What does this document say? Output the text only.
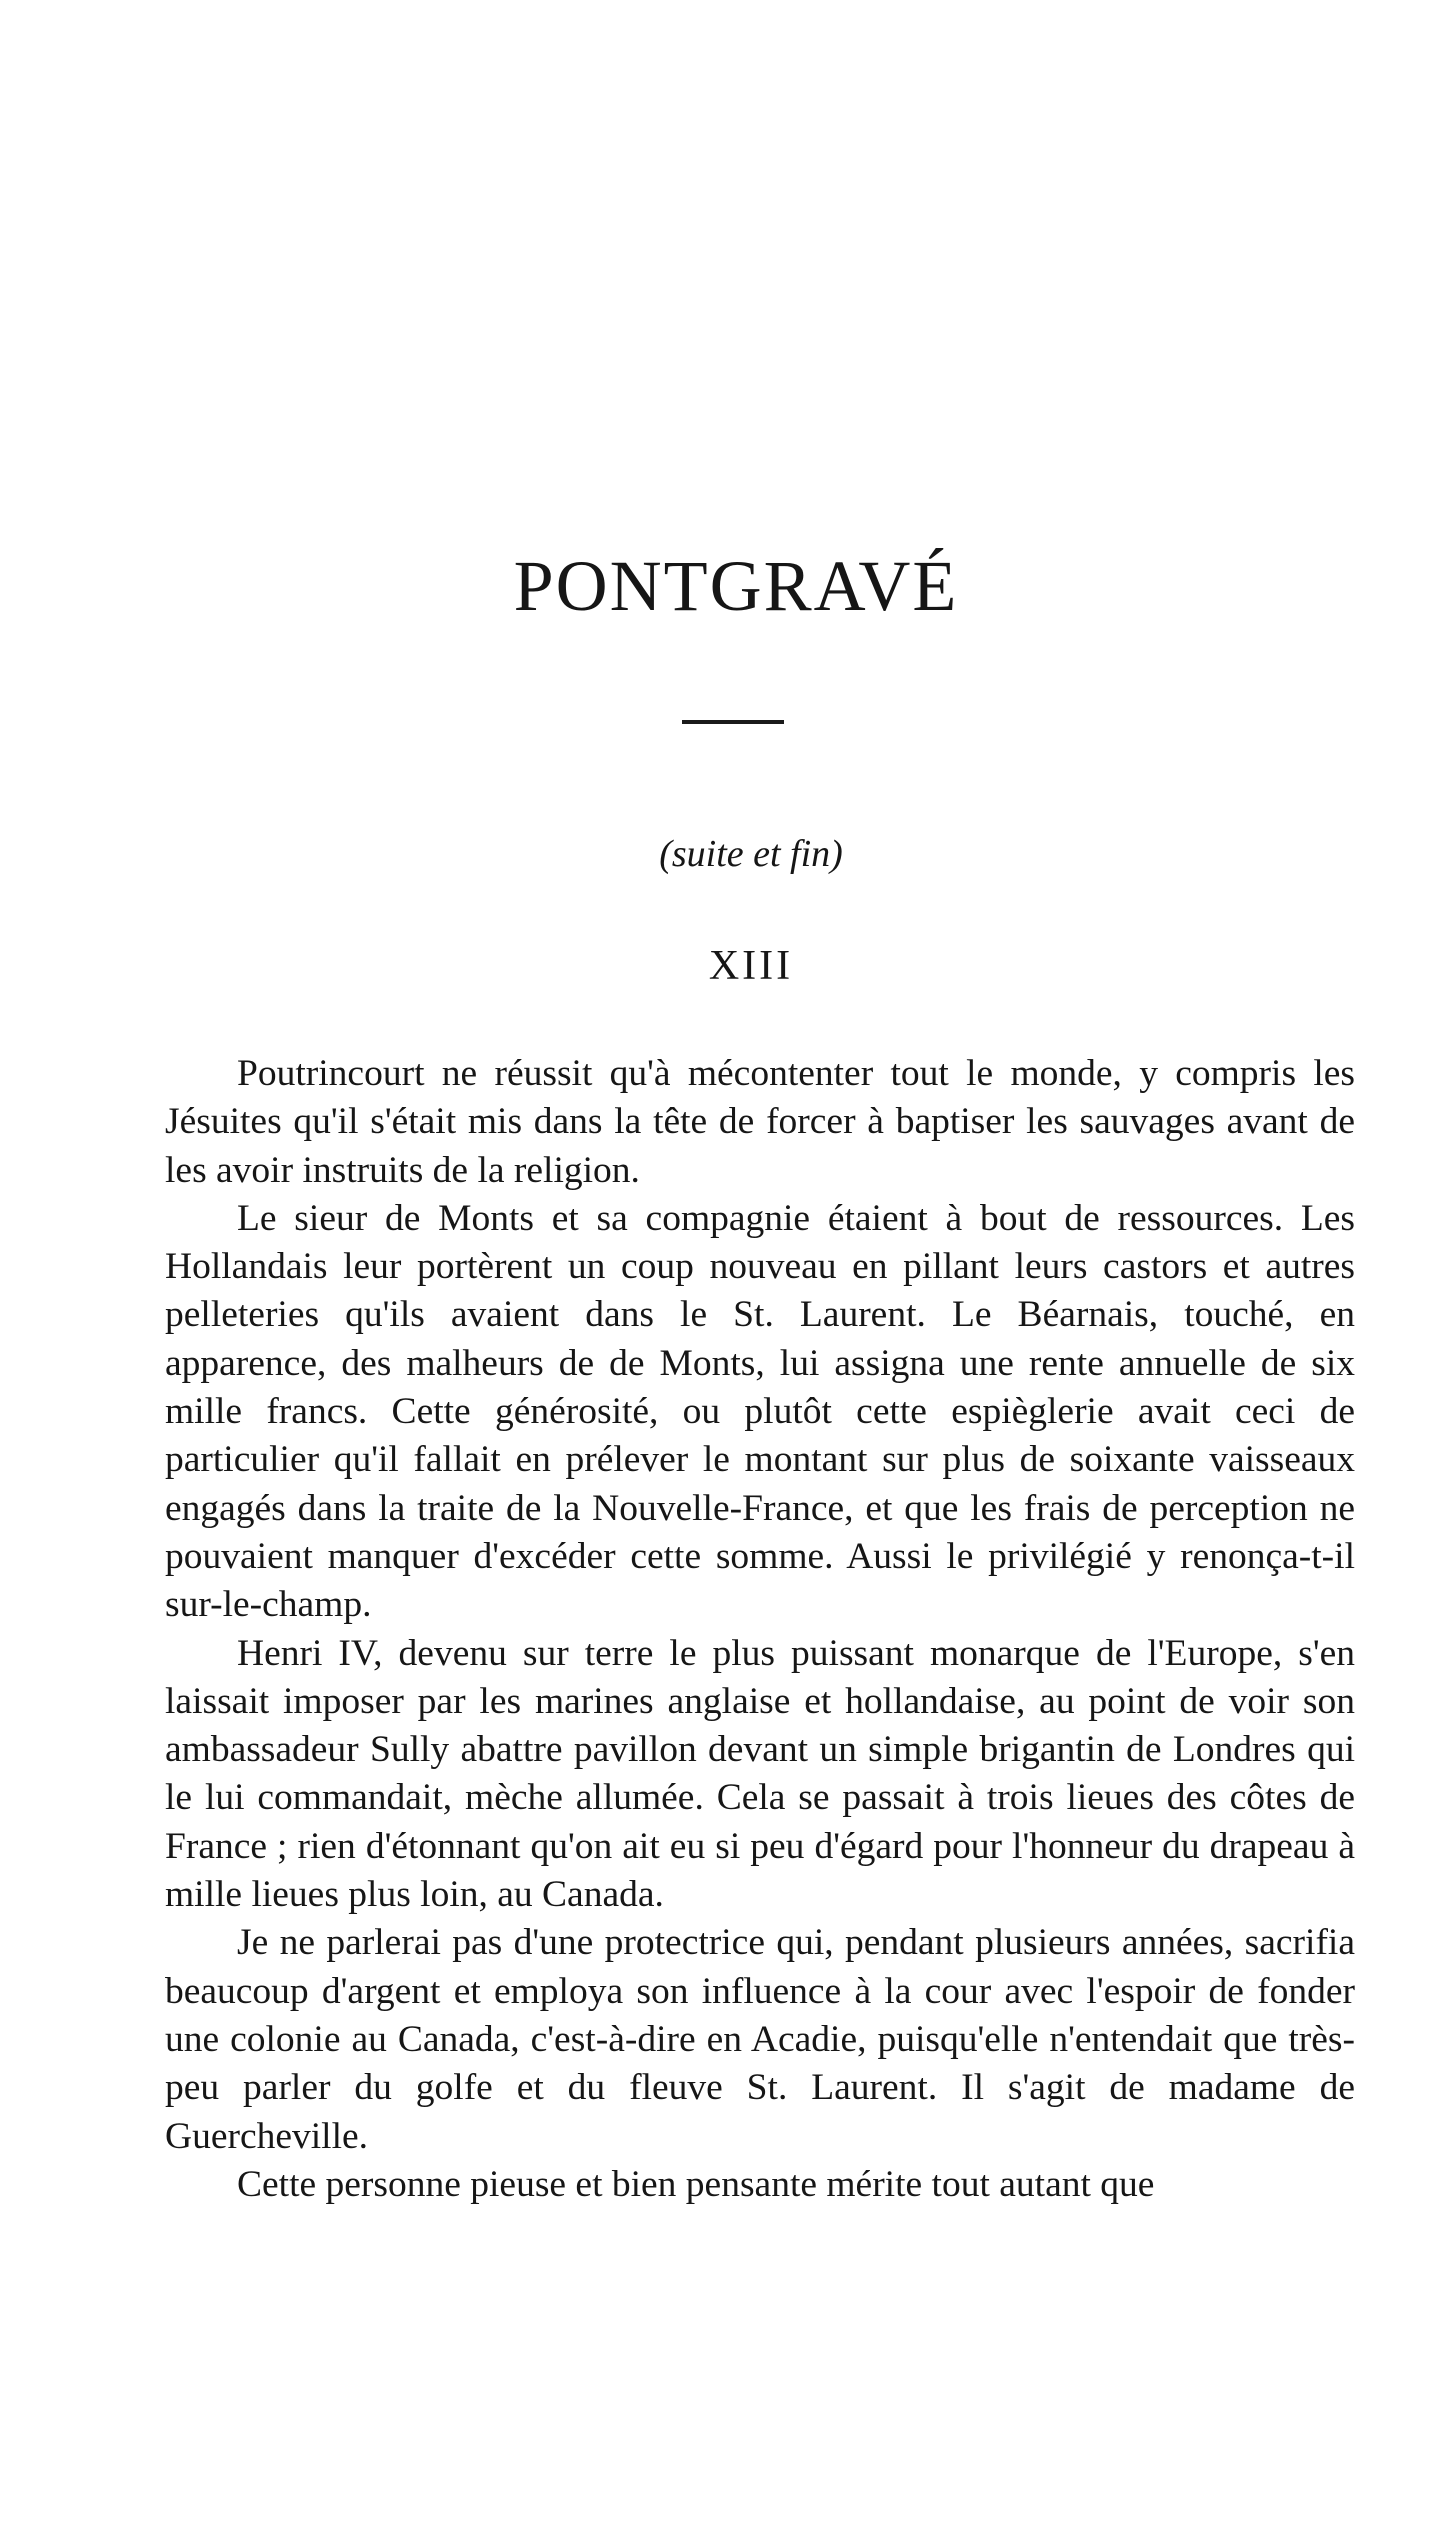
PONTGRAVÉ
(suite et fin)
XIII

Poutrincourt ne réussit qu'à mécontenter tout le monde, y compris les Jésuites qu'il s'était mis dans la tête de forcer à baptiser les sauvages avant de les avoir instruits de la religion.

Le sieur de Monts et sa compagnie étaient à bout de ressources. Les Hollandais leur portèrent un coup nouveau en pillant leurs castors et autres pelleteries qu'ils avaient dans le St. Laurent. Le Béarnais, touché, en apparence, des malheurs de de Monts, lui assigna une rente annuelle de six mille francs. Cette générosité, ou plutôt cette espièglerie avait ceci de particulier qu'il fallait en prélever le montant sur plus de soixante vaisseaux engagés dans la traite de la Nouvelle-France, et que les frais de perception ne pouvaient manquer d'excéder cette somme. Aussi le privilégié y renonça-t-il sur-le-champ.

Henri IV, devenu sur terre le plus puissant monarque de l'Europe, s'en laissait imposer par les marines anglaise et hollandaise, au point de voir son ambassadeur Sully abattre pavillon devant un simple brigantin de Londres qui le lui commandait, mèche allumée. Cela se passait à trois lieues des côtes de France ; rien d'étonnant qu'on ait eu si peu d'égard pour l'honneur du drapeau à mille lieues plus loin, au Canada.

Je ne parlerai pas d'une protectrice qui, pendant plusieurs années, sacrifia beaucoup d'argent et employa son influence à la cour avec l'espoir de fonder une colonie au Canada, c'est-à-dire en Acadie, puisqu'elle n'entendait que très-peu parler du golfe et du fleuve St. Laurent. Il s'agit de madame de Guercheville.

Cette personne pieuse et bien pensante mérite tout autant que
